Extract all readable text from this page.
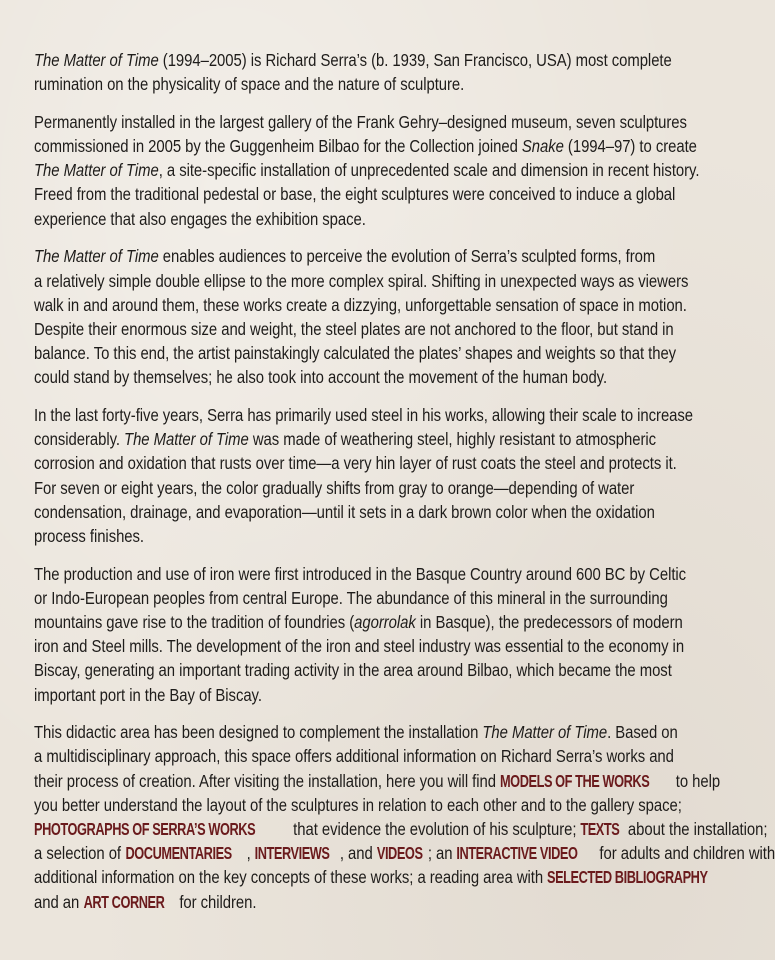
The Matter of Time (1994–2005) is Richard Serra’s (b. 1939, San Francisco, USA) most complete
rumination on the physicality of space and the nature of sculpture.
Permanently installed in the largest gallery of the Frank Gehry–designed museum, seven sculptures
commissioned in 2005 by the Guggenheim Bilbao for the Collection joined Snake (1994–97) to create
The Matter of Time, a site-specific installation of unprecedented scale and dimension in recent history.
Freed from the traditional pedestal or base, the eight sculptures were conceived to induce a global
experience that also engages the exhibition space.
The Matter of Time enables audiences to perceive the evolution of Serra’s sculpted forms, from
a relatively simple double ellipse to the more complex spiral. Shifting in unexpected ways as viewers
walk in and around them, these works create a dizzying, unforgettable sensation of space in motion.
Despite their enormous size and weight, the steel plates are not anchored to the floor, but stand in
balance. To this end, the artist painstakingly calculated the plates’ shapes and weights so that they
could stand by themselves; he also took into account the movement of the human body.
In the last forty-five years, Serra has primarily used steel in his works, allowing their scale to increase
considerably. The Matter of Time was made of weathering steel, highly resistant to atmospheric
corrosion and oxidation that rusts over time—a very hin layer of rust coats the steel and protects it.
For seven or eight years, the color gradually shifts from gray to orange—depending of water
condensation, drainage, and evaporation—until it sets in a dark brown color when the oxidation
process finishes.
The production and use of iron were first introduced in the Basque Country around 600 BC by Celtic
or Indo-European peoples from central Europe. The abundance of this mineral in the surrounding
mountains gave rise to the tradition of foundries (agorrolak in Basque), the predecessors of modern
iron and Steel mills. The development of the iron and steel industry was essential to the economy in
Biscay, generating an important trading activity in the area around Bilbao, which became the most
important port in the Bay of Biscay.
This didactic area has been designed to complement the installation The Matter of Time. Based on
a multidisciplinary approach, this space offers additional information on Richard Serra’s works and
their process of creation. After visiting the installation, here you will find MODELS OF THE WORKS to help
you better understand the layout of the sculptures in relation to each other and to the gallery space;
PHOTOGRAPHS OF SERRA’S WORKS that evidence the evolution of his sculpture; TEXTS about the installation;
a selection of DOCUMENTARIES , INTERVIEWS , and VIDEOS ; an INTERACTIVE VIDEO for adults and children with
additional information on the key concepts of these works; a reading area with SELECTED BIBLIOGRAPHY
and an ART CORNER for children.
